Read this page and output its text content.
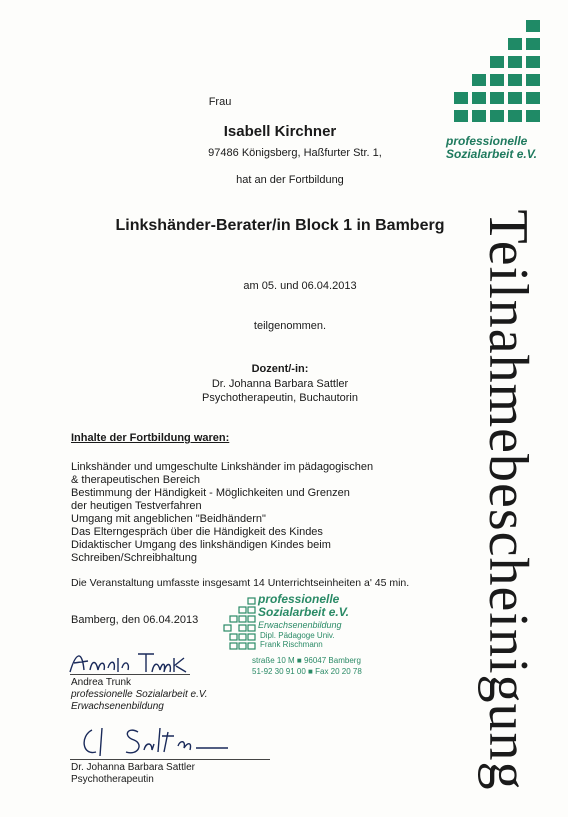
professionelle
Sozialarbeit e.V.
Frau
Isabell Kirchner
97486 Königsberg, Haßfurter Str. 1,
hat an der Fortbildung
Linkshänder-Berater/in Block 1 in Bamberg
am 05. und 06.04.2013
teilgenommen.
Dozent/-in:
Dr. Johanna Barbara Sattler
Psychotherapeutin, Buchautorin
Inhalte der Fortbildung waren:
Linkshänder und umgeschulte Linkshänder im pädagogischen
& therapeutischen Bereich
Bestimmung der Händigkeit - Möglichkeiten und Grenzen
der heutigen Testverfahren
Umgang mit angeblichen "Beidhändern"
Das Elterngespräch über die Händigkeit des Kindes
Didaktischer Umgang des linkshändigen Kindes beim
Schreiben/Schreibhaltung
Die Veranstaltung umfasste insgesamt 14 Unterrichtseinheiten a' 45 min.
Bamberg, den 06.04.2013
professionelle
Sozialarbeit e.V.
Erwachsenenbildung
Dipl. Pädagoge Univ.
Frank Rischmann
straße 10 M ■ 96047 Bamberg
51-92 30 91 00 ■ Fax 20 20 78
Andrea Trunk
professionelle Sozialarbeit e.V.
Erwachsenenbildung
Dr. Johanna Barbara Sattler
Psychotherapeutin	Teilnahmebescheinigung
